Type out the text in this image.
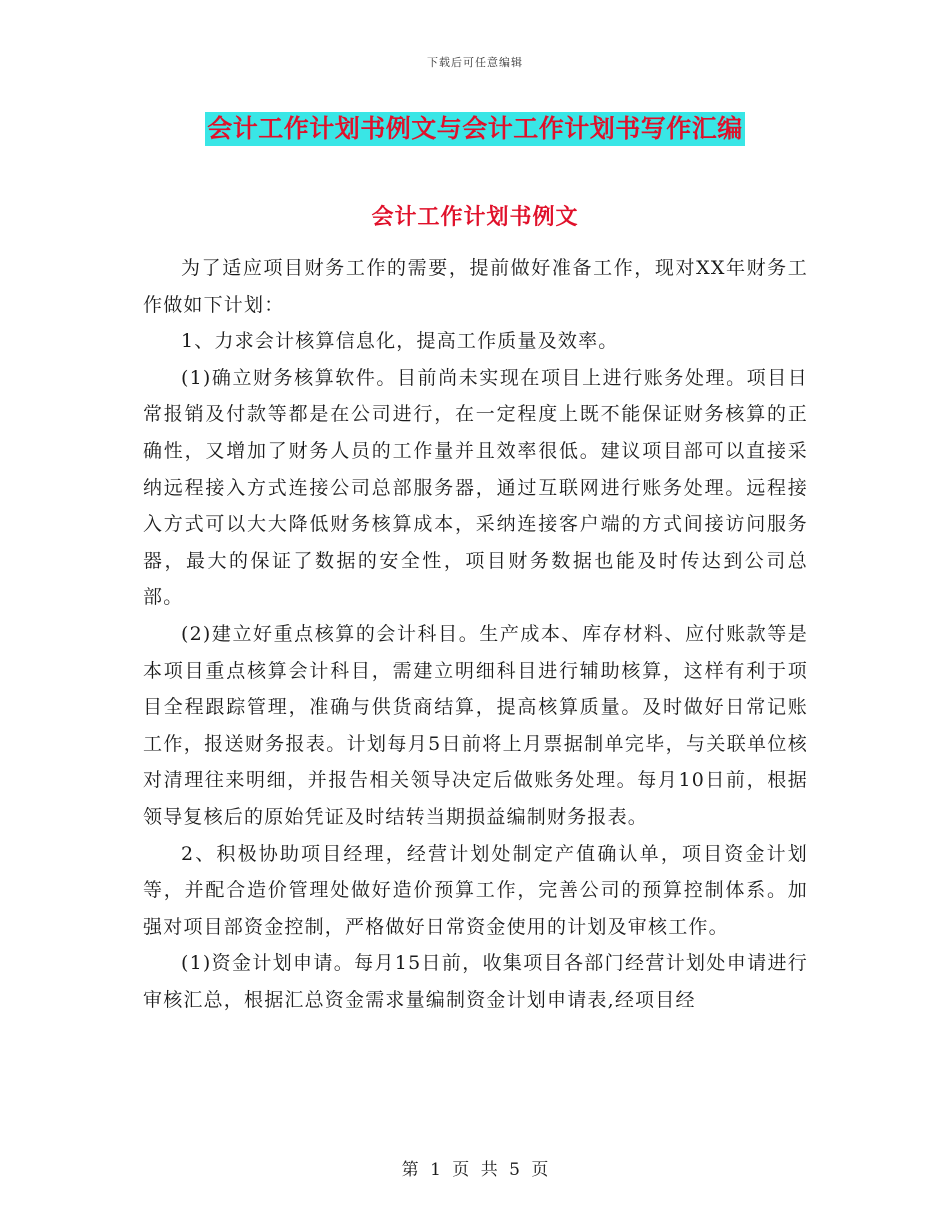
下载后可任意编辑
会计工作计划书例文与会计工作计划书写作汇编
会计工作计划书例文

为了适应项目财务工作的需要，提前做好准备工作，现对XX年财务工作做如下计划：

1、力求会计核算信息化，提高工作质量及效率。

(1)确立财务核算软件。目前尚未实现在项目上进行账务处理。项目日常报销及付款等都是在公司进行，在一定程度上既不能保证财务核算的正确性，又增加了财务人员的工作量并且效率很低。建议项目部可以直接采纳远程接入方式连接公司总部服务器，通过互联网进行账务处理。远程接入方式可以大大降低财务核算成本，采纳连接客户端的方式间接访问服务器，最大的保证了数据的安全性，项目财务数据也能及时传达到公司总部。

(2)建立好重点核算的会计科目。生产成本、库存材料、应付账款等是本项目重点核算会计科目，需建立明细科目进行辅助核算，这样有利于项目全程跟踪管理，准确与供货商结算，提高核算质量。及时做好日常记账工作，报送财务报表。计划每月5日前将上月票据制单完毕，与关联单位核对清理往来明细，并报告相关领导决定后做账务处理。每月10日前，根据领导复核后的原始凭证及时结转当期损益编制财务报表。

2、积极协助项目经理，经营计划处制定产值确认单，项目资金计划等，并配合造价管理处做好造价预算工作，完善公司的预算控制体系。加强对项目部资金控制，严格做好日常资金使用的计划及审核工作。

(1)资金计划申请。每月15日前，收集项目各部门经营计划处申请进行审核汇总，根据汇总资金需求量编制资金计划申请表,经项目经

第 1 页 共 5 页
